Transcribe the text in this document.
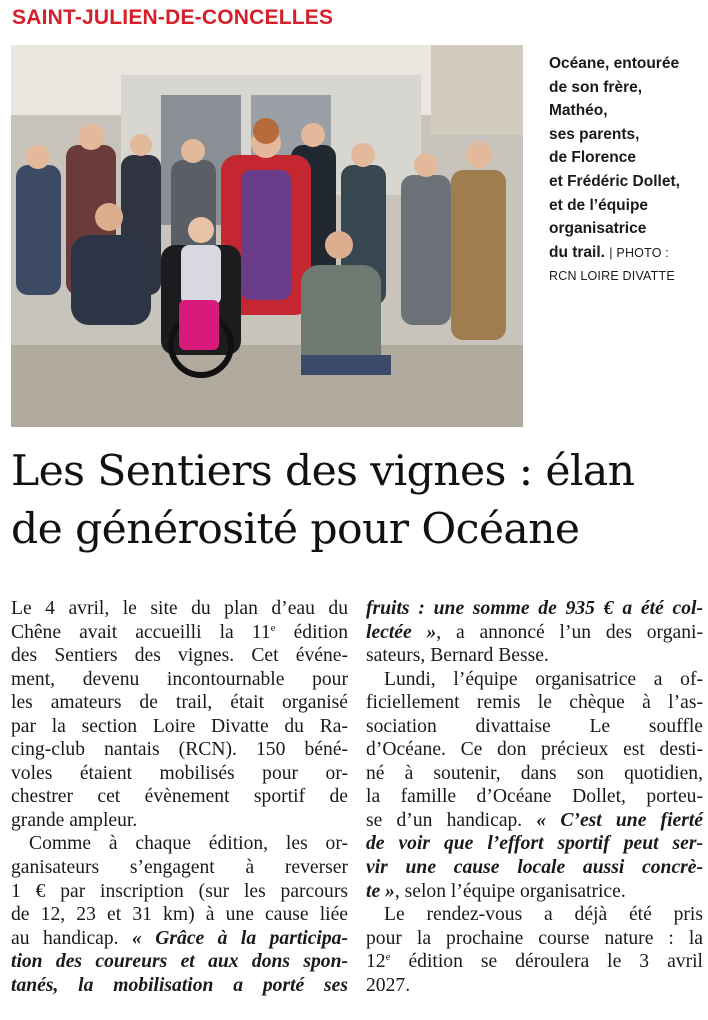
SAINT-JULIEN-DE-CONCELLES
Océane, entourée
de son frère,
Mathéo,
ses parents,
de Florence
et Frédéric Dollet,
et de l’équipe
organisatrice
du trail. | PHOTO :
RCN LOIRE DIVATTE
Les Sentiers des vignes : élan
de générosité pour Océane
Le 4 avril, le site du plan d’eau du
Chêne avait accueilli la 11e édition
des Sentiers des vignes. Cet événe-
ment, devenu incontournable pour
les amateurs de trail, était organisé
par la section Loire Divatte du Ra-
cing-club nantais (RCN). 150 béné-
voles étaient mobilisés pour or-
chestrer cet évènement sportif de
grande ampleur.
Comme à chaque édition, les or-
ganisateurs s’engagent à reverser
1 € par inscription (sur les parcours
de 12, 23 et 31 km) à une cause liée
au handicap. « Grâce à la participa-
tion des coureurs et aux dons spon-
tanés, la mobilisation a porté ses
fruits : une somme de 935 € a été col-
lectée », a annoncé l’un des organi-
sateurs, Bernard Besse.
Lundi, l’équipe organisatrice a of-
ficiellement remis le chèque à l’as-
sociation divattaise Le souffle
d’Océane. Ce don précieux est desti-
né à soutenir, dans son quotidien,
la famille d’Océane Dollet, porteu-
se d’un handicap. « C’est une fierté
de voir que l’effort sportif peut ser-
vir une cause locale aussi concrè-
te », selon l’équipe organisatrice.
Le rendez-vous a déjà été pris
pour la prochaine course nature : la
12e édition se déroulera le 3 avril
2027.
